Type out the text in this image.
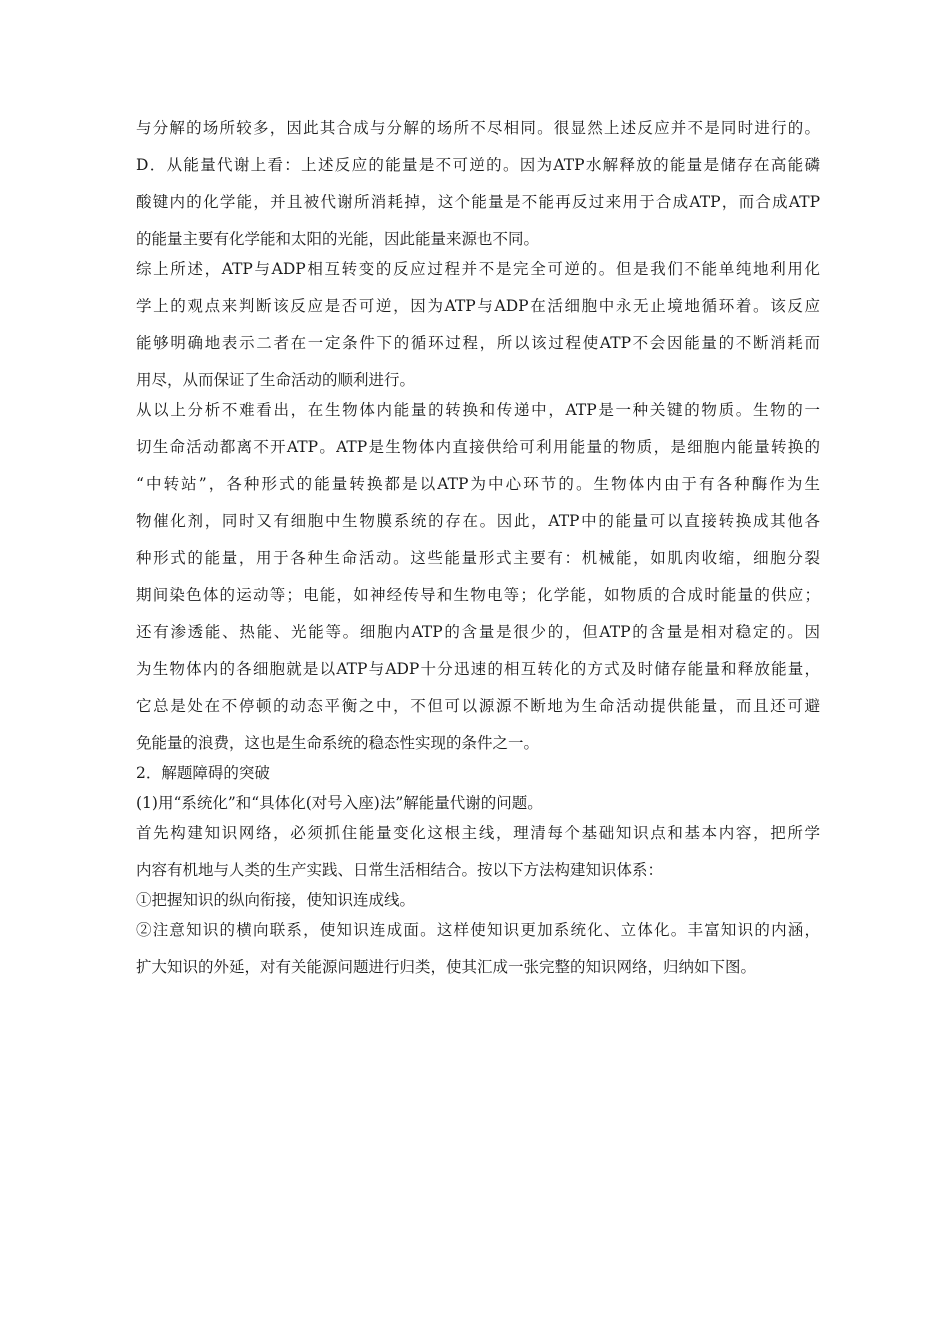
与分解的场所较多，因此其合成与分解的场所不尽相同。很显然上述反应并不是同时进行的。

D．从能量代谢上看：上述反应的能量是不可逆的。因为ATP水解释放的能量是储存在高能磷

酸键内的化学能，并且被代谢所消耗掉，这个能量是不能再反过来用于合成ATP，而合成ATP

的能量主要有化学能和太阳的光能，因此能量来源也不同。

综上所述，ATP与ADP相互转变的反应过程并不是完全可逆的。但是我们不能单纯地利用化

学上的观点来判断该反应是否可逆，因为ATP与ADP在活细胞中永无止境地循环着。该反应

能够明确地表示二者在一定条件下的循环过程，所以该过程使ATP不会因能量的不断消耗而

用尽，从而保证了生命活动的顺利进行。

从以上分析不难看出，在生物体内能量的转换和传递中，ATP是一种关键的物质。生物的一

切生命活动都离不开ATP。ATP是生物体内直接供给可利用能量的物质，是细胞内能量转换的

“中转站”，各种形式的能量转换都是以ATP为中心环节的。生物体内由于有各种酶作为生

物催化剂，同时又有细胞中生物膜系统的存在。因此，ATP中的能量可以直接转换成其他各

种形式的能量，用于各种生命活动。这些能量形式主要有：机械能，如肌肉收缩，细胞分裂

期间染色体的运动等；电能，如神经传导和生物电等；化学能，如物质的合成时能量的供应；

还有渗透能、热能、光能等。细胞内ATP的含量是很少的，但ATP的含量是相对稳定的。因

为生物体内的各细胞就是以ATP与ADP十分迅速的相互转化的方式及时储存能量和释放能量，

它总是处在不停顿的动态平衡之中，不但可以源源不断地为生命活动提供能量，而且还可避

免能量的浪费，这也是生命系统的稳态性实现的条件之一。

2．解题障碍的突破

(1)用“系统化”和“具体化(对号入座)法”解能量代谢的问题。

首先构建知识网络，必须抓住能量变化这根主线，理清每个基础知识点和基本内容，把所学

内容有机地与人类的生产实践、日常生活相结合。按以下方法构建知识体系：

①把握知识的纵向衔接，使知识连成线。

②注意知识的横向联系，使知识连成面。这样使知识更加系统化、立体化。丰富知识的内涵，

扩大知识的外延，对有关能源问题进行归类，使其汇成一张完整的知识网络，归纳如下图。
